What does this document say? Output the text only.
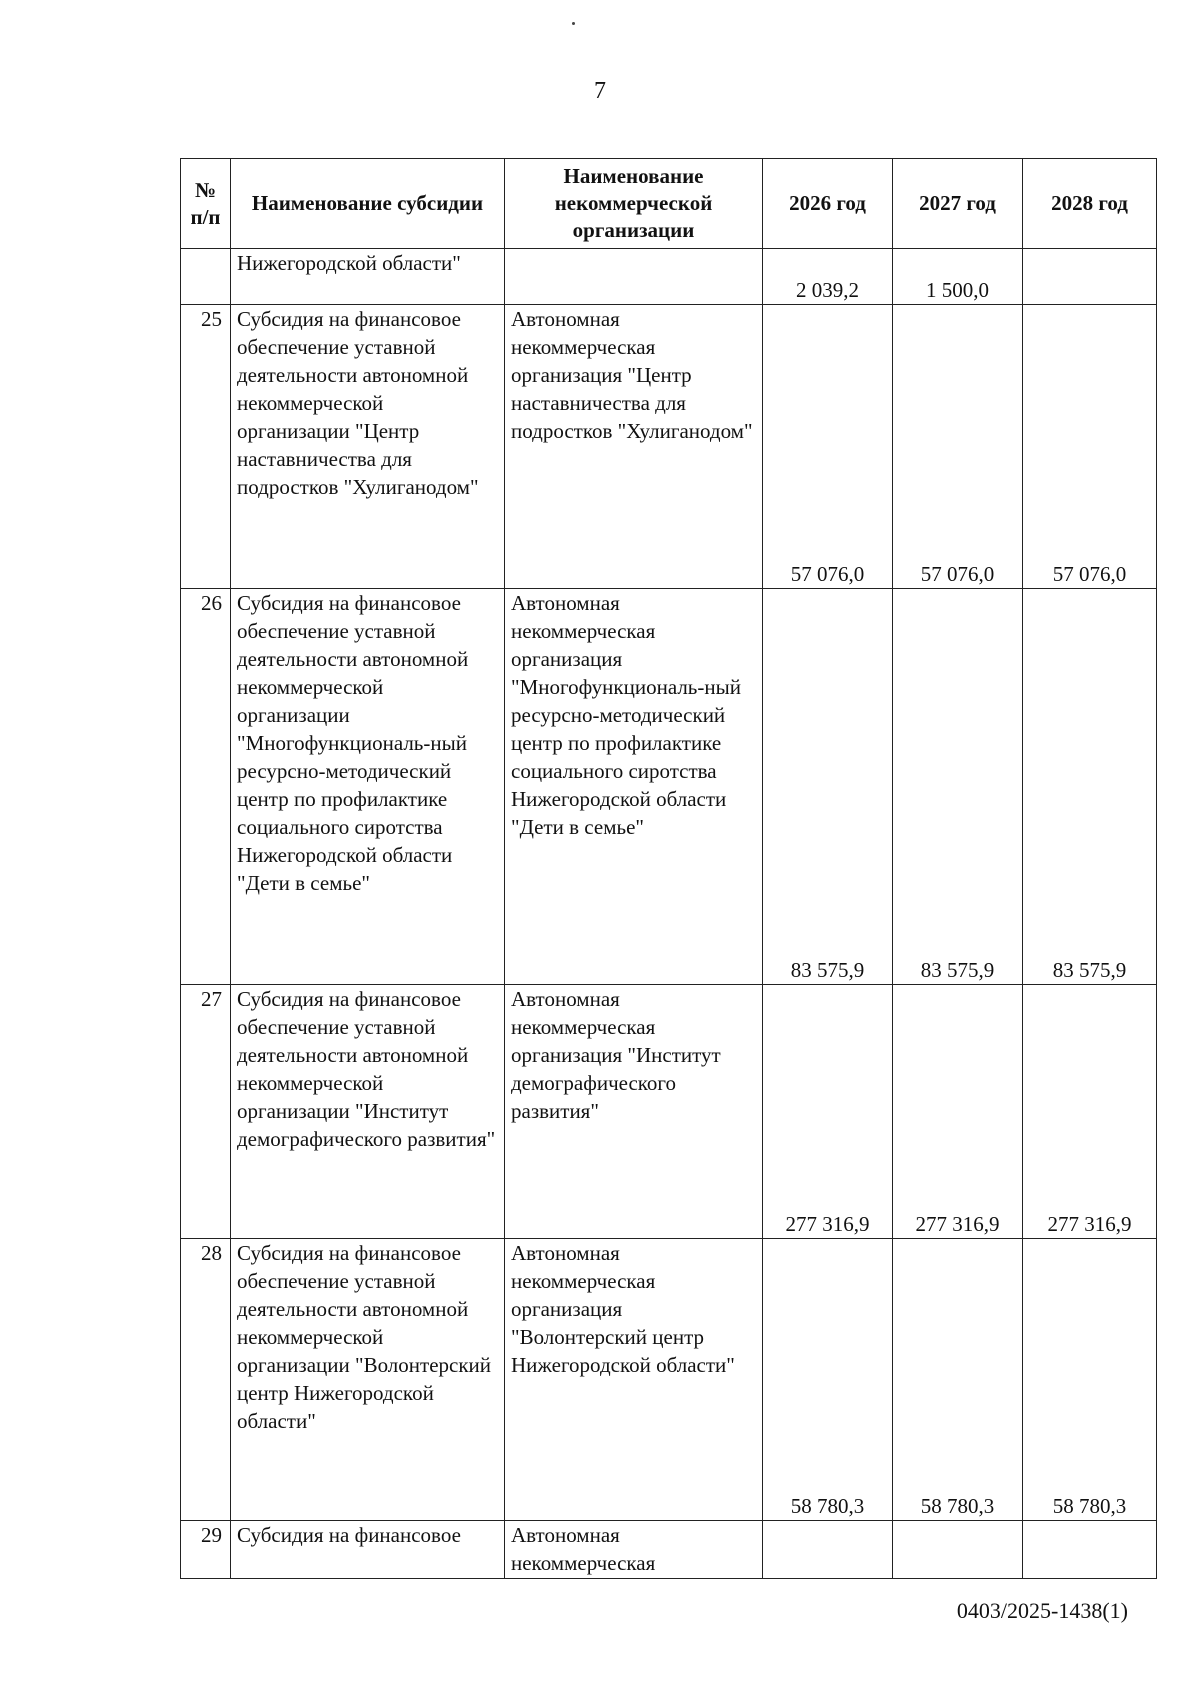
7
№ п/п	Наименование субсидии	Наименование некоммерческой организации	2026 год	2027 год	2028 год
	Нижегородской области"		2 039,2	1 500,0	
25	Субсидия на финансовое обеспечение уставной деятельности автономной некоммерческой организации "Центр наставничества для подростков "Хулиганодом"	Автономная некоммерческая организация "Центр наставничества для подростков "Хулиганодом"	57 076,0	57 076,0	57 076,0
26	Субсидия на финансовое обеспечение уставной деятельности автономной некоммерческой организации "Многофункциональ-ный ресурсно-методический центр по профилактике социального сиротства Нижегородской области "Дети в семье"	Автономная некоммерческая организация "Многофункциональ-ный ресурсно-методический центр по профилактике социального сиротства Нижегородской области "Дети в семье"	83 575,9	83 575,9	83 575,9
27	Субсидия на финансовое обеспечение уставной деятельности автономной некоммерческой организации "Институт демографического развития"	Автономная некоммерческая организация "Институт демографического развития"	277 316,9	277 316,9	277 316,9
28	Субсидия на финансовое обеспечение уставной деятельности автономной некоммерческой организации "Волонтерский центр Нижегородской области"	Автономная некоммерческая организация "Волонтерский центр Нижегородской области"	58 780,3	58 780,3	58 780,3
29	Субсидия на финансовое	Автономная некоммерческая			
0403/2025-1438(1)
